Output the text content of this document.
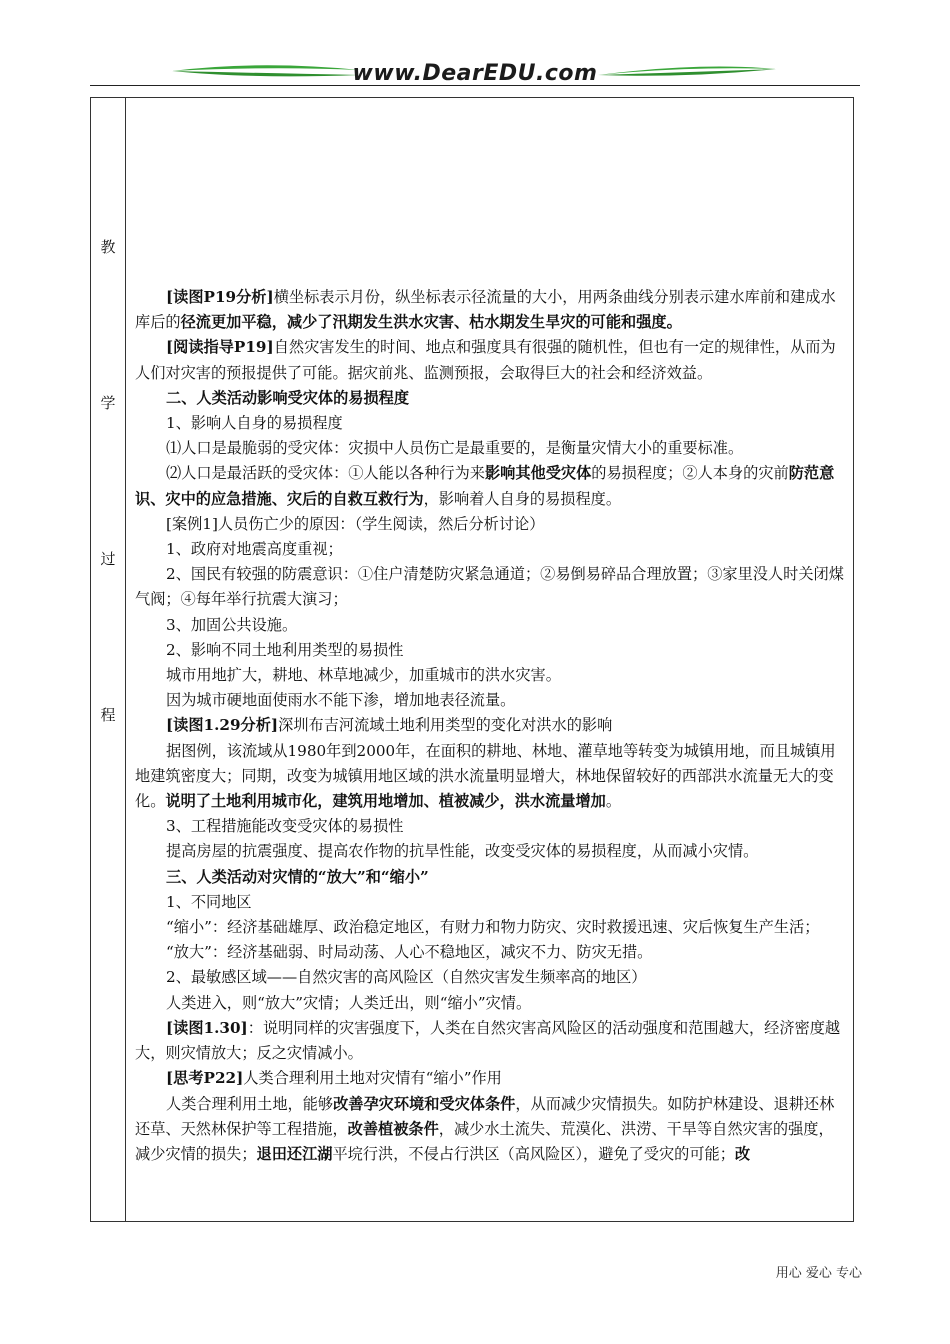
www.DearEDU.com
教
学
过
程

[读图P19分析]横坐标表示月份，纵坐标表示径流量的大小，用两条曲线分别表示建水库前和建成水库后的径流更加平稳，减少了汛期发生洪水灾害、枯水期发生旱灾的可能和强度。

[阅读指导P19]自然灾害发生的时间、地点和强度具有很强的随机性，但也有一定的规律性，从而为人们对灾害的预报提供了可能。据灾前兆、监测预报，会取得巨大的社会和经济效益。

二、人类活动影响受灾体的易损程度

1、影响人自身的易损程度

⑴人口是最脆弱的受灾体：灾损中人员伤亡是最重要的，是衡量灾情大小的重要标准。

⑵人口是最活跃的受灾体：①人能以各种行为来影响其他受灾体的易损程度；②人本身的灾前防范意识、灾中的应急措施、灾后的自救互救行为，影响着人自身的易损程度。

[案例1]人员伤亡少的原因：（学生阅读，然后分析讨论）

1、政府对地震高度重视；

2、国民有较强的防震意识：①住户清楚防灾紧急通道；②易倒易碎品合理放置；③家里没人时关闭煤气阀；④每年举行抗震大演习；

3、加固公共设施。

2、影响不同土地利用类型的易损性

城市用地扩大，耕地、林草地减少，加重城市的洪水灾害。

因为城市硬地面使雨水不能下渗，增加地表径流量。

[读图1.29分析]深圳布吉河流域土地利用类型的变化对洪水的影响

据图例，该流域从1980年到2000年，在面积的耕地、林地、灌草地等转变为城镇用地，而且城镇用地建筑密度大；同期，改变为城镇用地区域的洪水流量明显增大，林地保留较好的西部洪水流量无大的变化。说明了土地利用城市化，建筑用地增加、植被减少，洪水流量增加。

3、工程措施能改变受灾体的易损性

提高房屋的抗震强度、提高农作物的抗旱性能，改变受灾体的易损程度，从而减小灾情。

三、人类活动对灾情的“放大”和“缩小”

1、不同地区

“缩小”：经济基础雄厚、政治稳定地区，有财力和物力防灾、灾时救援迅速、灾后恢复生产生活；

“放大”：经济基础弱、时局动荡、人心不稳地区，减灾不力、防灾无措。

2、最敏感区域——自然灾害的高风险区（自然灾害发生频率高的地区）

人类进入，则“放大”灾情；人类迁出，则“缩小”灾情。

[读图1.30]：说明同样的灾害强度下，人类在自然灾害高风险区的活动强度和范围越大，经济密度越大，则灾情放大；反之灾情减小。

[思考P22]人类合理利用土地对灾情有“缩小”作用

人类合理利用土地，能够改善孕灾环境和受灾体条件，从而减少灾情损失。如防护林建设、退耕还林还草、天然林保护等工程措施，改善植被条件，减少水土流失、荒漠化、洪涝、干旱等自然灾害的强度，减少灾情的损失；退田还江湖平垸行洪，不侵占行洪区（高风险区），避免了受灾的可能；改

用心 爱心 专心
